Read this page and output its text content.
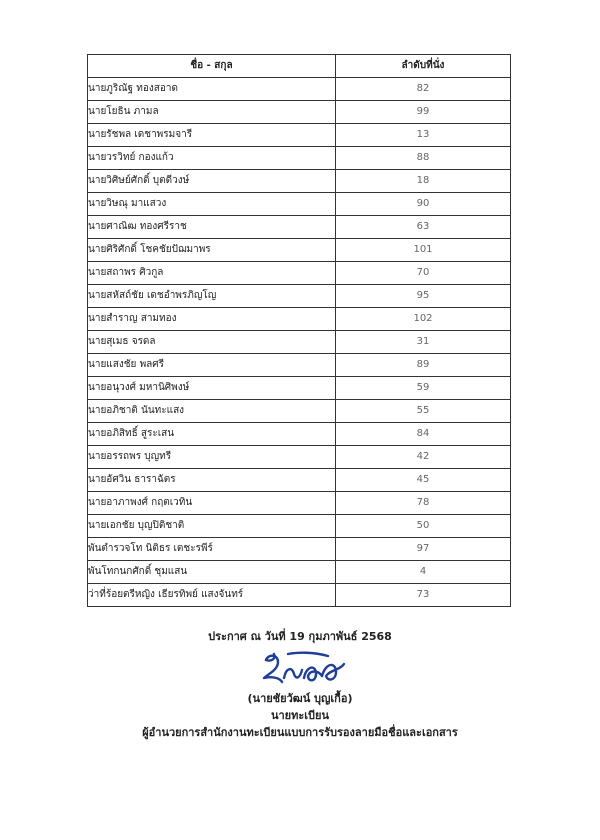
ชื่อ - สกุล	ลำดับที่นั่ง
นายภูริณัฐ ทองสอาด	82
นายโยธิน ภามล	99
นายรัชพล เดชาพรมจารี	13
นายวรวิทย์ กองแก้ว	88
นายวิศิษย์ศักดิ์ บุตดีวงษ์	18
นายวิษณุ มาแสวง	90
นายศาณิฒ ทองศรีราช	63
นายศิริศักดิ์ โชคชัยปัฌมาพร	101
นายสถาพร ศิวกูล	70
นายสหัสถ์ชัย เดชอำพรภิญโญ	95
นายสำราญ สามทอง	102
นายสุเมธ จรดล	31
นายแสงชัย พลศรี	89
นายอนุวงศ์ มหานิศิพงษ์	59
นายอภิชาติ นันทะแสง	55
นายอภิสิทธิ์ สูระเสน	84
นายอรรถพร บุญทรี	42
นายอัศวิน ธาราฉัตร	45
นายอาภาพงศ์ กฤตเวทิน	78
นายเอกชัย บุญปิติชาติ	50
พันตำรวจโท นิติธร เตชะรพีร์	97
พันโทกนกศักดิ์ ชุมแสน	4
ว่าที่ร้อยตรีหญิง เธียรทิพย์ แสงจันทร์	73
ประกาศ ณ วันที่ 19 กุมภาพันธ์ 2568
(นายชัยวัฒน์ บุญเกื้อ)
นายทะเบียน
ผู้อำนวยการสำนักงานทะเบียนแบบการรับรองลายมือชื่อและเอกสาร
